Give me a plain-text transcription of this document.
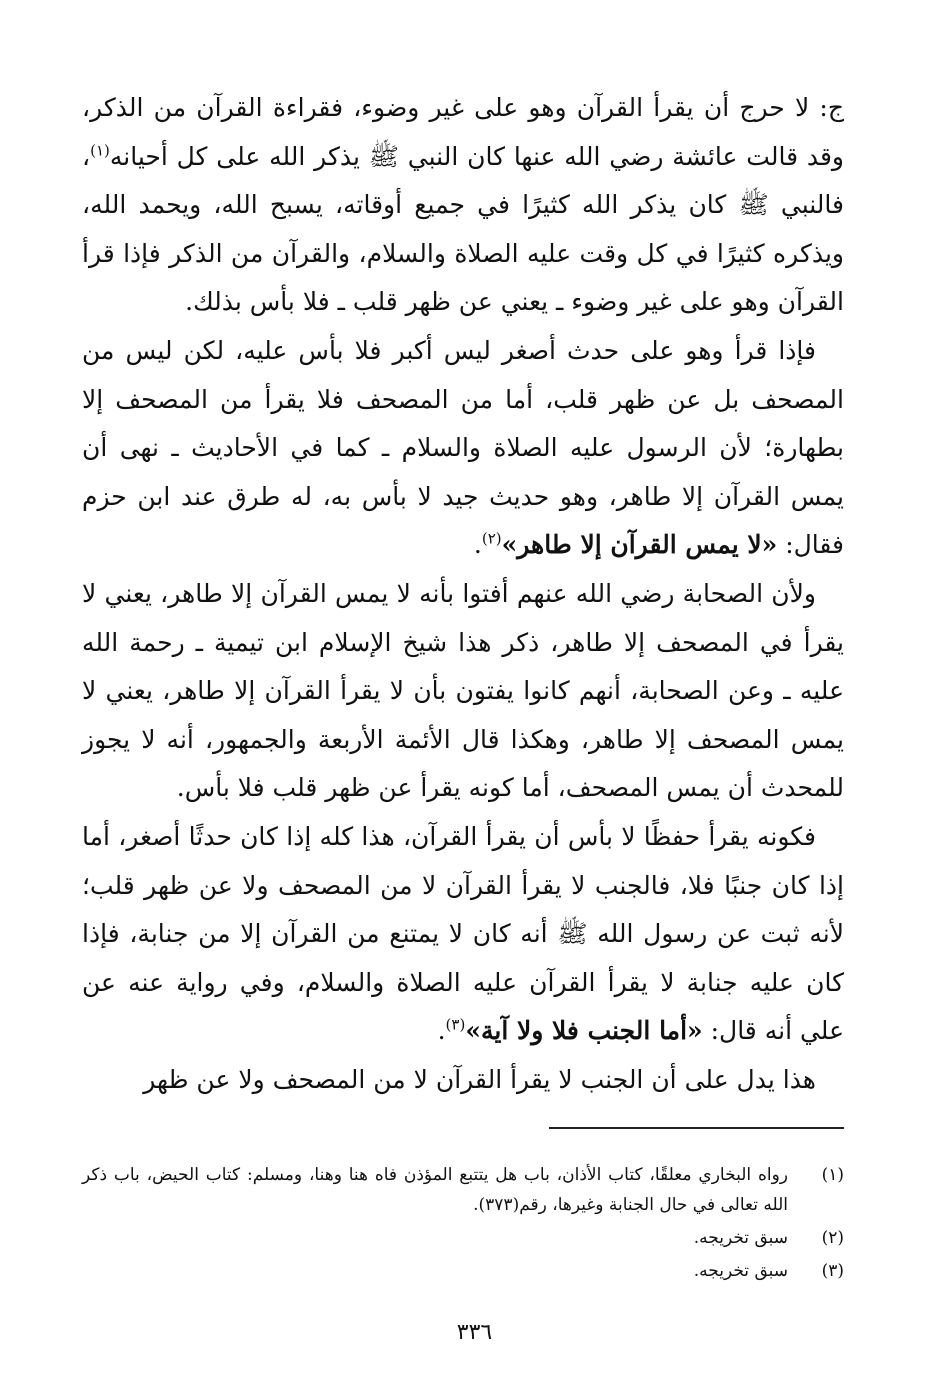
ج: لا حرج أن يقرأ القرآن وهو على غير وضوء، فقراءة القرآن من الذكر، وقد قالت عائشة رضي الله عنها كان النبي ﷺ يذكر الله على كل أحيانه$^{(١)}$، فالنبي ﷺ كان يذكر الله كثيرًا في جميع أوقاته، يسبح الله، ويحمد الله، ويذكره كثيرًا في كل وقت عليه الصلاة والسلام، والقرآن من الذكر فإذا قرأ القرآن وهو على غير وضوء ـ يعني عن ظهر قلب ـ فلا بأس بذلك.

فإذا قرأ وهو على حدث أصغر ليس أكبر فلا بأس عليه، لكن ليس من المصحف بل عن ظهر قلب، أما من المصحف فلا يقرأ من المصحف إلا بطهارة؛ لأن الرسول عليه الصلاة والسلام ـ كما في الأحاديث ـ نهى أن يمس القرآن إلا طاهر، وهو حديث جيد لا بأس به، له طرق عند ابن حزم فقال: «لا يمس القرآن إلا طاهر»$^{(٢)}$.

ولأن الصحابة رضي الله عنهم أفتوا بأنه لا يمس القرآن إلا طاهر، يعني لا يقرأ في المصحف إلا طاهر، ذكر هذا شيخ الإسلام ابن تيمية ـ رحمة الله عليه ـ وعن الصحابة، أنهم كانوا يفتون بأن لا يقرأ القرآن إلا طاهر، يعني لا يمس المصحف إلا طاهر، وهكذا قال الأئمة الأربعة والجمهور، أنه لا يجوز للمحدث أن يمس المصحف، أما كونه يقرأ عن ظهر قلب فلا بأس.

فكونه يقرأ حفظًا لا بأس أن يقرأ القرآن، هذا كله إذا كان حدثًا أصغر، أما إذا كان جنبًا فلا، فالجنب لا يقرأ القرآن لا من المصحف ولا عن ظهر قلب؛ لأنه ثبت عن رسول الله ﷺ أنه كان لا يمتنع من القرآن إلا من جنابة، فإذا كان عليه جنابة لا يقرأ القرآن عليه الصلاة والسلام، وفي رواية عنه عن علي أنه قال: «أما الجنب فلا ولا آية»$^{(٣)}$.

هذا يدل على أن الجنب لا يقرأ القرآن لا من المصحف ولا عن ظهر

(١)
رواه البخاري معلقًا، كتاب الأذان، باب هل يتتبع المؤذن فاه هنا وهنا، ومسلم: كتاب الحيض، باب ذكر الله تعالى في حال الجنابة وغيرها، رقم(٣٧٣).
(٢)
سبق تخريجه.
(٣)
سبق تخريجه.
٣٣٦
